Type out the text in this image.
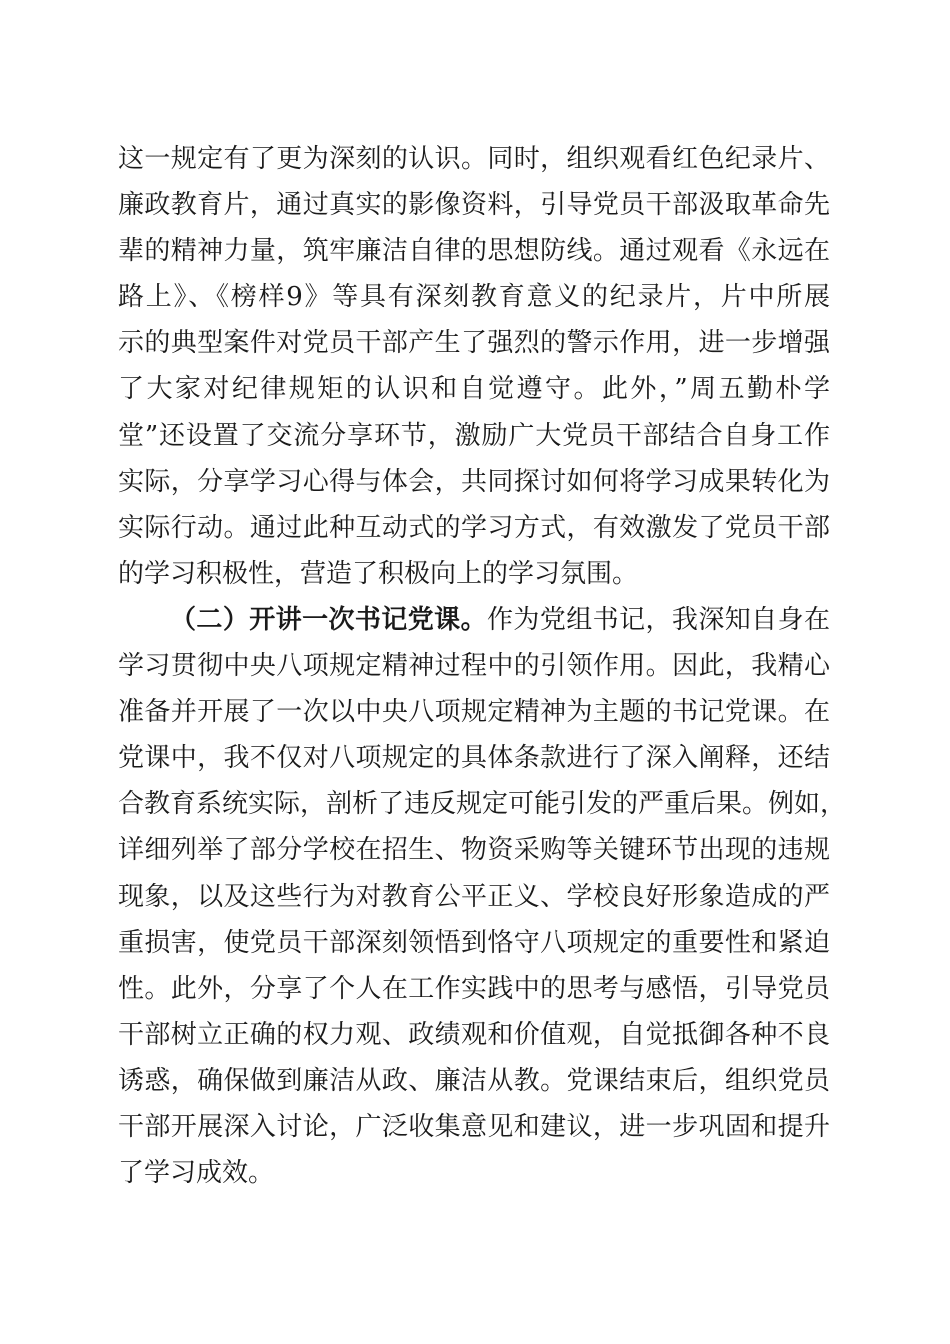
这一规定有了更为深刻的认识。同时，组织观看红色纪录片、
廉政教育片，通过真实的影像资料，引导党员干部汲取革命先
辈的精神力量，筑牢廉洁自律的思想防线。通过观看《永远在
路上》、《榜样9》等具有深刻教育意义的纪录片，片中所展
示的典型案件对党员干部产生了强烈的警示作用，进一步增强
了大家对纪律规矩的认识和自觉遵守。此外，”周五勤朴学
堂”还设置了交流分享环节，激励广大党员干部结合自身工作
实际，分享学习心得与体会，共同探讨如何将学习成果转化为
实际行动。通过此种互动式的学习方式，有效激发了党员干部
的学习积极性，营造了积极向上的学习氛围。
（二）开讲一次书记党课。作为党组书记，我深知自身在
学习贯彻中央八项规定精神过程中的引领作用。因此，我精心
准备并开展了一次以中央八项规定精神为主题的书记党课。在
党课中，我不仅对八项规定的具体条款进行了深入阐释，还结
合教育系统实际，剖析了违反规定可能引发的严重后果。例如，
详细列举了部分学校在招生、物资采购等关键环节出现的违规
现象，以及这些行为对教育公平正义、学校良好形象造成的严
重损害，使党员干部深刻领悟到恪守八项规定的重要性和紧迫
性。此外，分享了个人在工作实践中的思考与感悟，引导党员
干部树立正确的权力观、政绩观和价值观，自觉抵御各种不良
诱惑，确保做到廉洁从政、廉洁从教。党课结束后，组织党员
干部开展深入讨论，广泛收集意见和建议，进一步巩固和提升
了学习成效。
